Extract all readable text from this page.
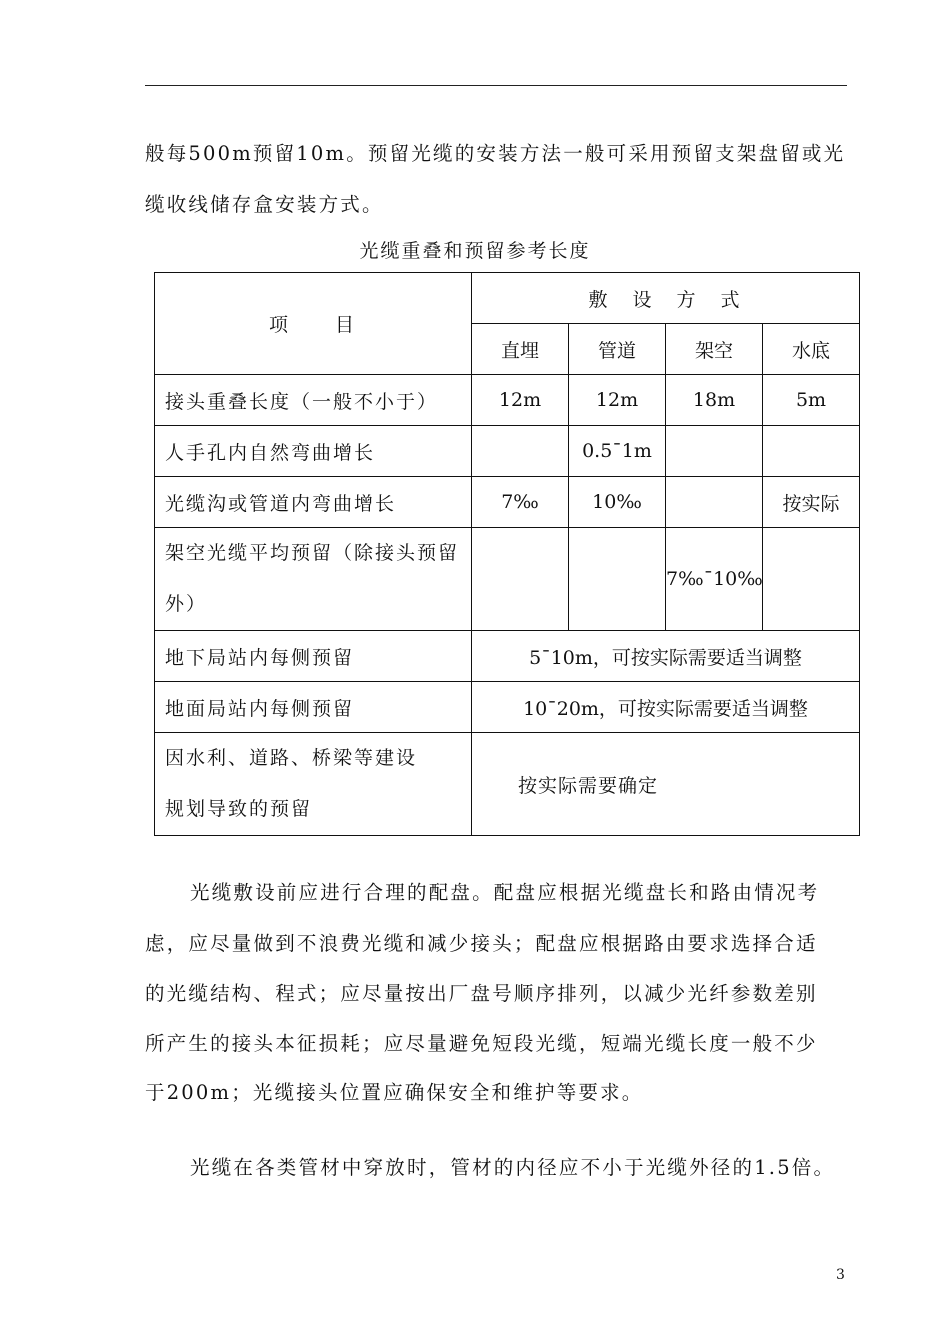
般每500m预留10m。预留光缆的安装方法一般可采用预留支架盘留或光
缆收线储存盒安装方式。
光缆重叠和预留参考长度
项　　目	敷　设　方　式			
	直埋	管道	架空	水底
接头重叠长度（一般不小于）	12m	12m	18m	5m
人手孔内自然弯曲增长		0.5¯1m		
光缆沟或管道内弯曲增长	7‰	10‰		按实际

架空光缆平均预留（除接头预留
外）			7‰¯10‰	
地下局站内每侧预留	5¯10m，可按实际需要适当调整			
地面局站内每侧预留	10¯20m，可按实际需要适当调整			

因水利、道路、桥梁等建设
规划导致的预留	按实际需要确定			
光缆敷设前应进行合理的配盘。配盘应根据光缆盘长和路由情况考
虑，应尽量做到不浪费光缆和减少接头；配盘应根据路由要求选择合适
的光缆结构、程式；应尽量按出厂盘号顺序排列，以减少光纤参数差别
所产生的接头本征损耗；应尽量避免短段光缆，短端光缆长度一般不少
于200m；光缆接头位置应确保安全和维护等要求。
光缆在各类管材中穿放时，管材的内径应不小于光缆外径的1.5倍。
3
